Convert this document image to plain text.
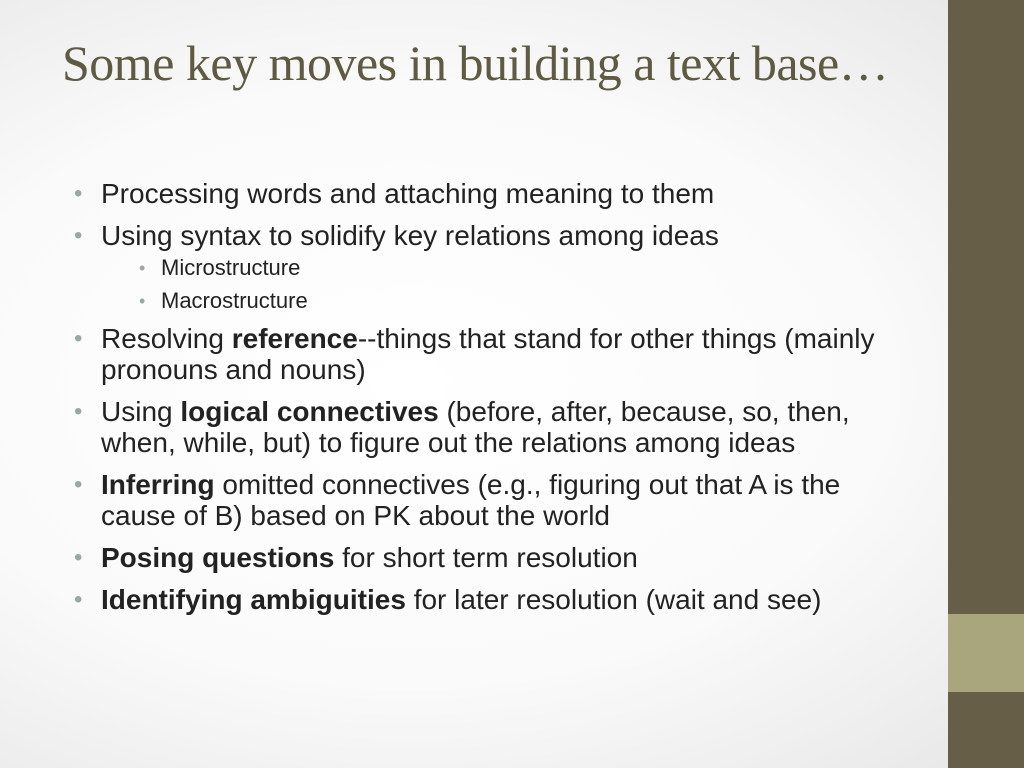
Some key moves in building a text base…
• Processing words and attaching meaning to them
• Using syntax to solidify key relations among ideas
• Microstructure
• Macrostructure
• Resolving reference--things that stand for other things (mainly pronouns and nouns)
• Using logical connectives (before, after, because, so, then, when, while, but) to figure out the relations among ideas
• Inferring omitted connectives (e.g., figuring out that A is the cause of B) based on PK about the world
• Posing questions for short term resolution
• Identifying ambiguities for later resolution (wait and see)
